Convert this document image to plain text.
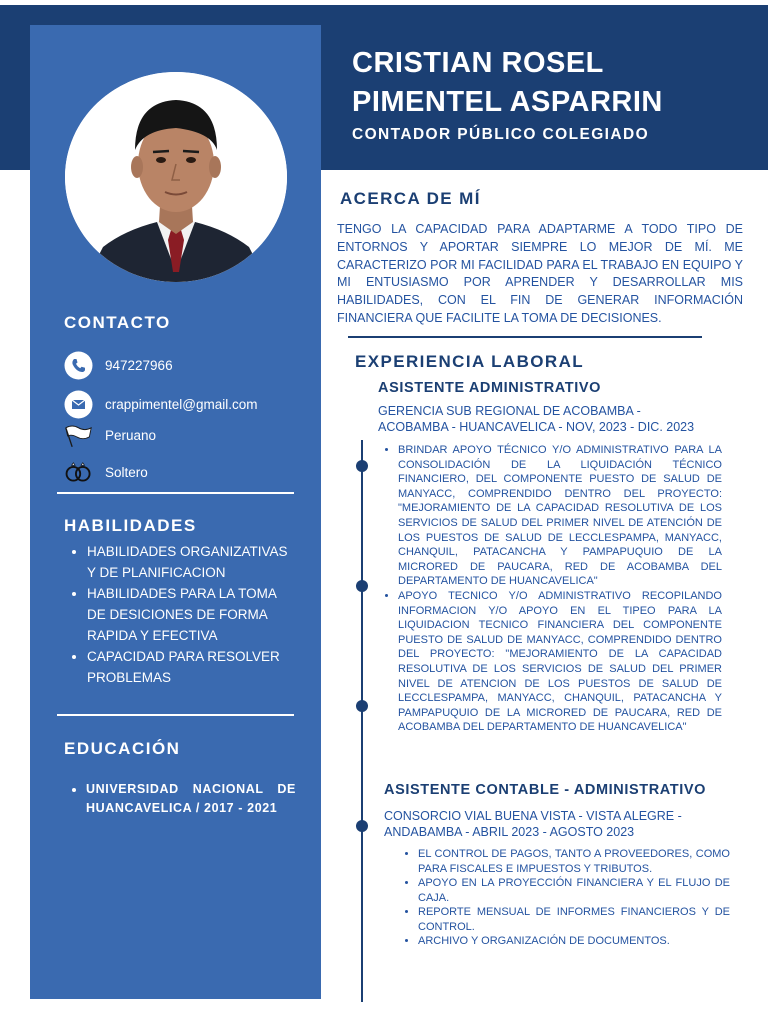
CRISTIAN ROSEL
PIMENTEL ASPARRIN
CONTADOR PÚBLICO COLEGIADO
CONTACTO
947227966
crappimentel@gmail.com
Peruano
Soltero
HABILIDADES
• HABILIDADES ORGANIZATIVAS Y DE PLANIFICACION
• HABILIDADES PARA LA TOMA DE DESICIONES DE FORMA RAPIDA Y EFECTIVA
• CAPACIDAD PARA RESOLVER PROBLEMAS
EDUCACIÓN
• UNIVERSIDAD NACIONAL DE HUANCAVELICA / 2017 - 2021
ACERCA DE MÍ
TENGO LA CAPACIDAD PARA ADAPTARME A TODO TIPO DE ENTORNOS Y APORTAR SIEMPRE LO MEJOR DE MÍ. ME CARACTERIZO POR MI FACILIDAD PARA EL TRABAJO EN EQUIPO Y MI ENTUSIASMO POR APRENDER Y DESARROLLAR MIS HABILIDADES, CON EL FIN DE GENERAR INFORMACIÓN FINANCIERA QUE FACILITE LA TOMA DE DECISIONES.
EXPERIENCIA LABORAL
ASISTENTE ADMINISTRATIVO
GERENCIA SUB REGIONAL DE ACOBAMBA -
ACOBAMBA - HUANCAVELICA - NOV, 2023 - DIC. 2023
• BRINDAR APOYO TÉCNICO Y/O ADMINISTRATIVO PARA LA CONSOLIDACIÓN DE LA LIQUIDACIÓN TÉCNICO FINANCIERO, DEL COMPONENTE PUESTO DE SALUD DE MANYACC, COMPRENDIDO DENTRO DEL PROYECTO: "MEJORAMIENTO DE LA CAPACIDAD RESOLUTIVA DE LOS SERVICIOS DE SALUD DEL PRIMER NIVEL DE ATENCIÓN DE LOS PUESTOS DE SALUD DE LECCLESPAMPA, MANYACC, CHANQUIL, PATACANCHA Y PAMPAPUQUIO DE LA MICRORED DE PAUCARA, RED DE ACOBAMBA DEL DEPARTAMENTO DE HUANCAVELICA"
• APOYO TECNICO Y/O ADMINISTRATIVO RECOPILANDO INFORMACION Y/O APOYO EN EL TIPEO PARA LA LIQUIDACION TECNICO FINANCIERA DEL COMPONENTE PUESTO DE SALUD DE MANYACC, COMPRENDIDO DENTRO DEL PROYECTO: "MEJORAMIENTO DE LA CAPACIDAD RESOLUTIVA DE LOS SERVICIOS DE SALUD DEL PRIMER NIVEL DE ATENCION DE LOS PUESTOS DE SALUD DE LECCLESPAMPA, MANYACC, CHANQUIL, PATACANCHA Y PAMPAPUQUIO DE LA MICRORED DE PAUCARA, RED DE ACOBAMBA DEL DEPARTAMENTO DE HUANCAVELICA"
ASISTENTE CONTABLE - ADMINISTRATIVO
CONSORCIO VIAL BUENA VISTA - VISTA ALEGRE -
ANDABAMBA - ABRIL 2023 - AGOSTO 2023
• EL CONTROL DE PAGOS, TANTO A PROVEEDORES, COMO PARA FISCALES E IMPUESTOS Y TRIBUTOS.
• APOYO EN LA PROYECCIÓN FINANCIERA Y EL FLUJO DE CAJA.
• REPORTE MENSUAL DE INFORMES FINANCIEROS Y DE CONTROL.
• ARCHIVO Y ORGANIZACIÓN DE DOCUMENTOS.
